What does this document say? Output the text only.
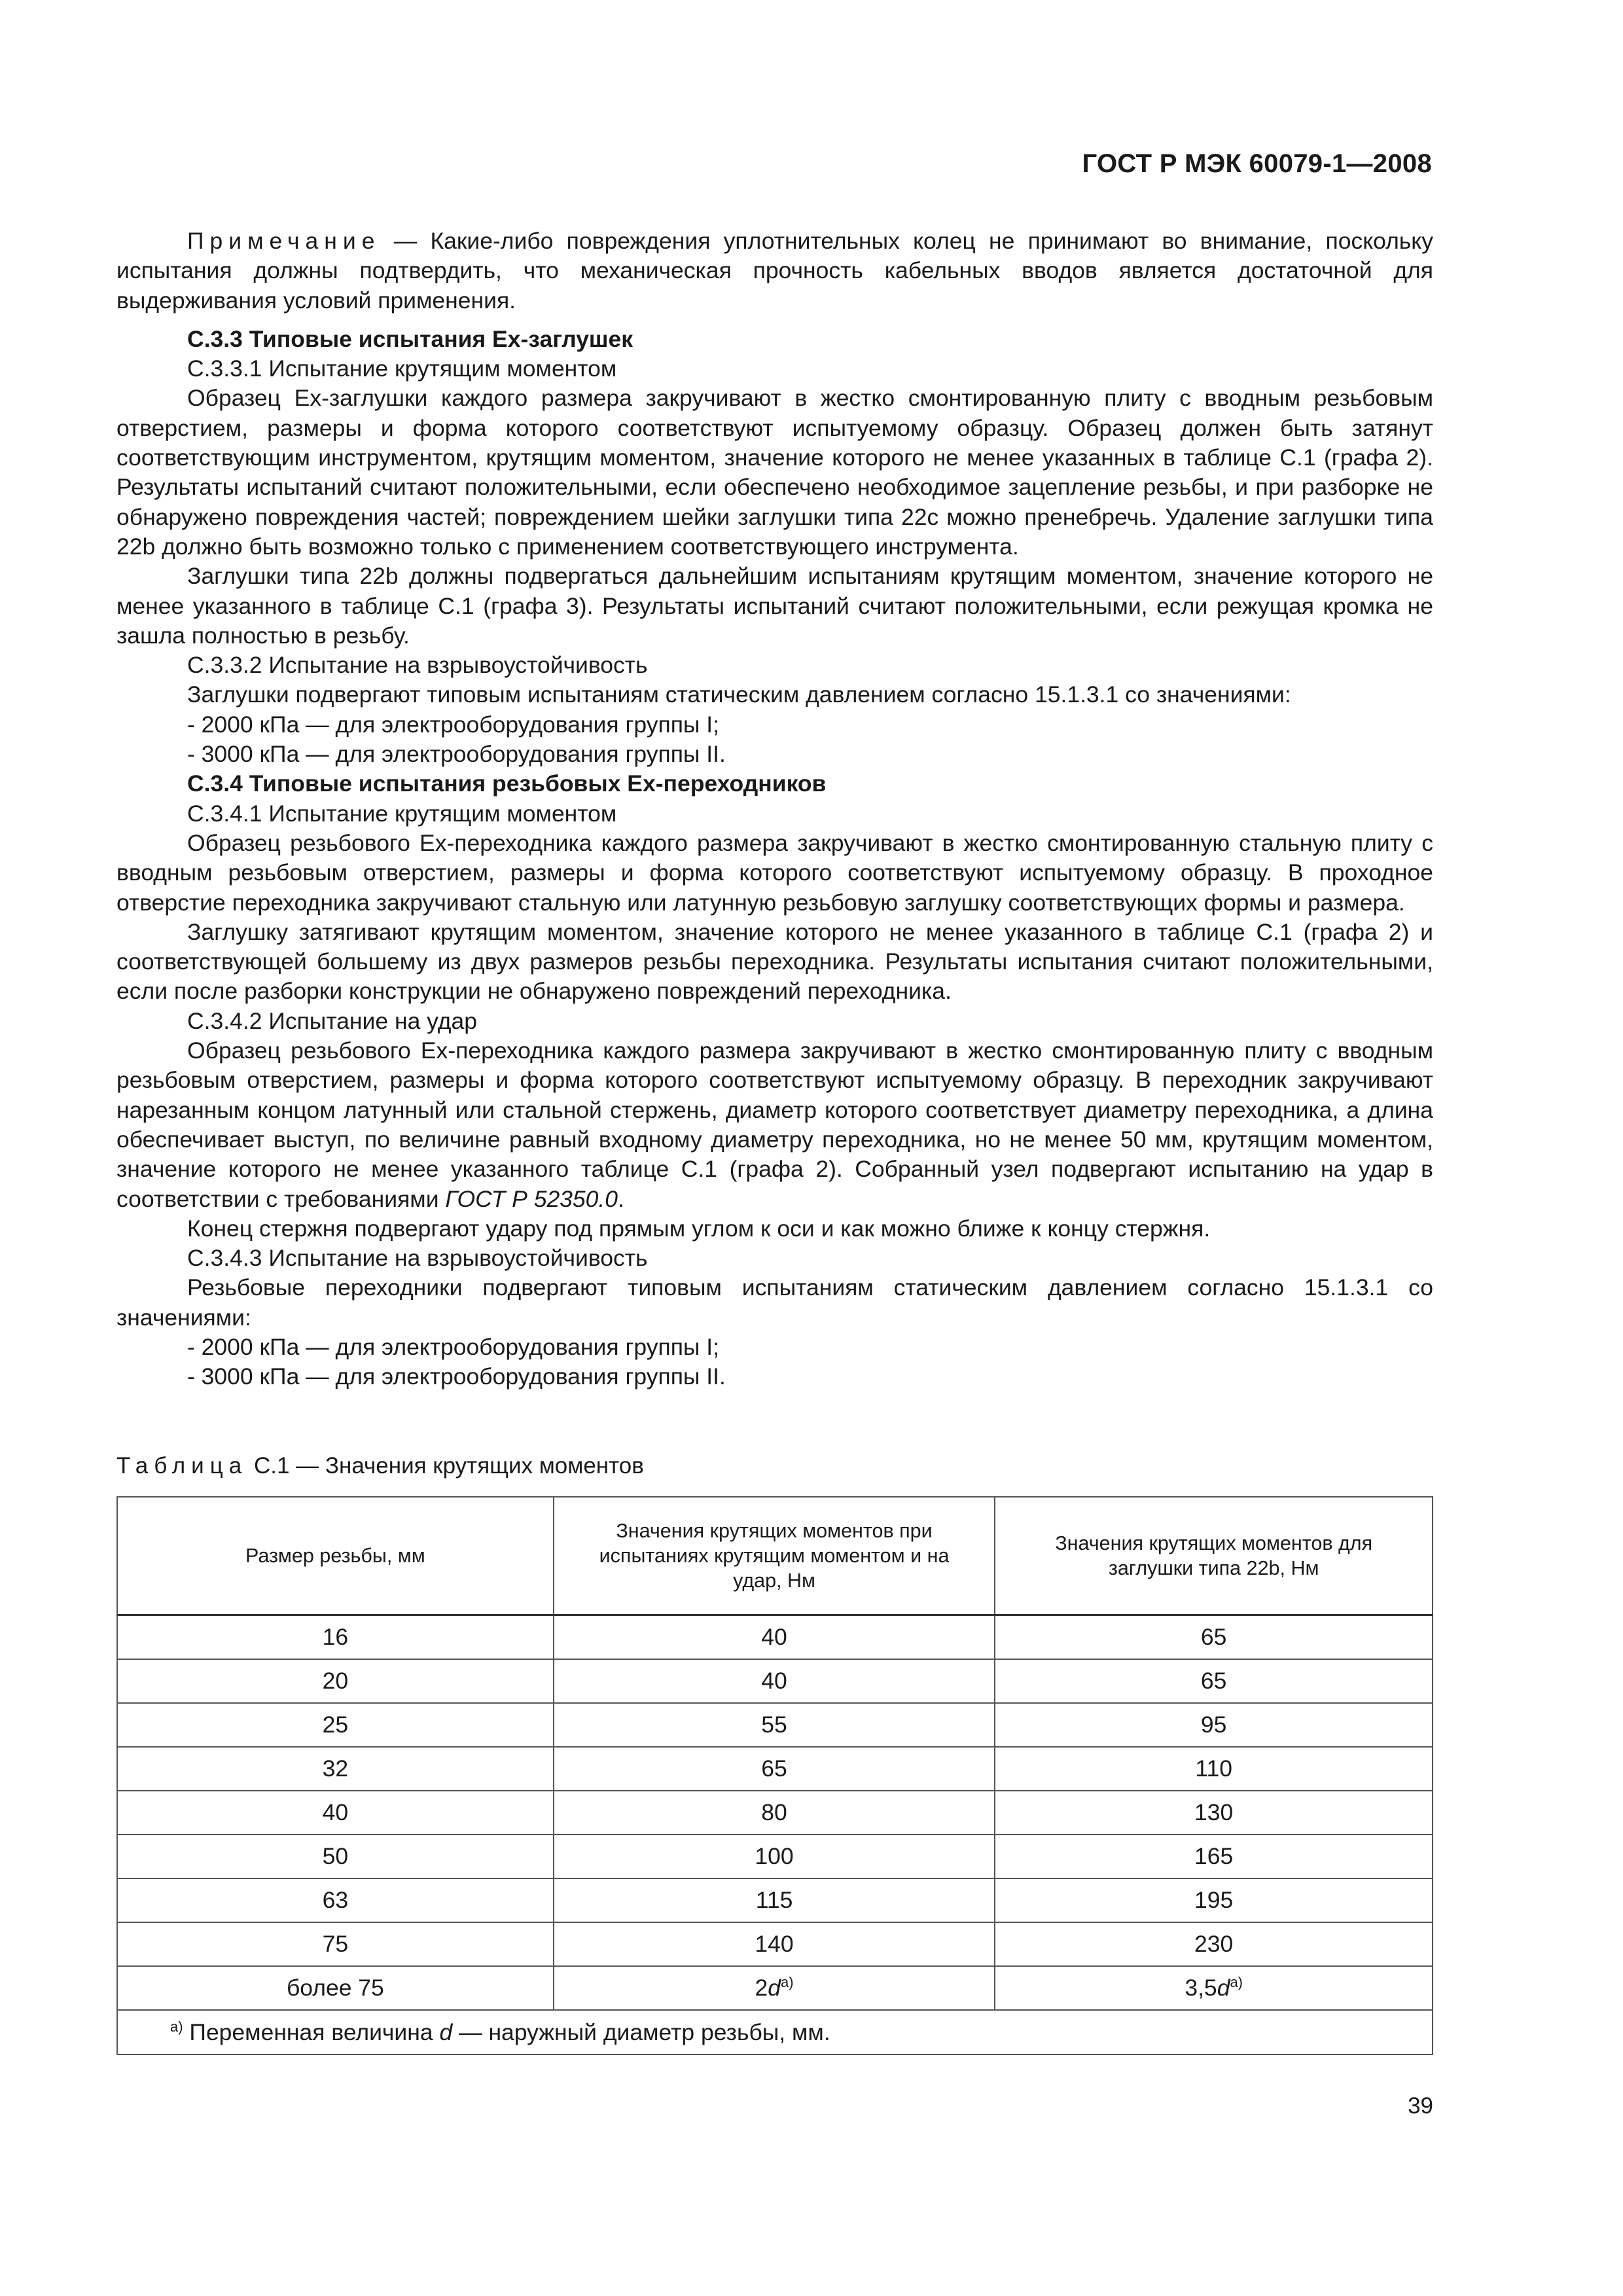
ГОСТ Р МЭК 60079-1—2008

Примечание — Какие-либо повреждения уплотнительных колец не принимают во внимание, поскольку испытания должны подтвердить, что механическая прочность кабельных вводов является достаточной для выдерживания условий применения.

С.3.3 Типовые испытания Ех-заглушек

С.3.3.1 Испытание крутящим моментом

Образец Ех-заглушки каждого размера закручивают в жестко смонтированную плиту с вводным резьбовым отверстием, размеры и форма которого соответствуют испытуемому образцу. Образец должен быть затянут соответствующим инструментом, крутящим моментом, значение которого не менее указанных в таблице С.1 (графа 2). Результаты испытаний считают положительными, если обеспечено необходимое зацепление резьбы, и при разборке не обнаружено повреждения частей; повреждением шейки заглушки типа 22с можно пренебречь. Удаление заглушки типа 22b должно быть возможно только с применением соответствующего инструмента.

Заглушки типа 22b должны подвергаться дальнейшим испытаниям крутящим моментом, значение которого не менее указанного в таблице С.1 (графа 3). Результаты испытаний считают положительными, если режущая кромка не зашла полностью в резьбу.

С.3.3.2 Испытание на взрывоустойчивость

Заглушки подвергают типовым испытаниям статическим давлением согласно 15.1.3.1 со значениями:

- 2000 кПа — для электрооборудования группы I;

- 3000 кПа — для электрооборудования группы II.

С.3.4 Типовые испытания резьбовых Ех-переходников

С.3.4.1 Испытание крутящим моментом

Образец резьбового Ех-переходника каждого размера закручивают в жестко смонтированную стальную плиту с вводным резьбовым отверстием, размеры и форма которого соответствуют испытуемому образцу. В проходное отверстие переходника закручивают стальную или латунную резьбовую заглушку соответствующих формы и размера.

Заглушку затягивают крутящим моментом, значение которого не менее указанного в таблице С.1 (графа 2) и соответствующей большему из двух размеров резьбы переходника. Результаты испытания считают положительными, если после разборки конструкции не обнаружено повреждений переходника.

С.3.4.2 Испытание на удар

Образец резьбового Ех-переходника каждого размера закручивают в жестко смонтированную плиту с вводным резьбовым отверстием, размеры и форма которого соответствуют испытуемому образцу. В переходник закручивают нарезанным концом латунный или стальной стержень, диаметр которого соответствует диаметру переходника, а длина обеспечивает выступ, по величине равный входному диаметру переходника, но не менее 50 мм, крутящим моментом, значение которого не менее указанного таблице С.1 (графа 2). Собранный узел подвергают испытанию на удар в соответствии с требованиями ГОСТ Р 52350.0.

Конец стержня подвергают удару под прямым углом к оси и как можно ближе к концу стержня.

С.3.4.3 Испытание на взрывоустойчивость

Резьбовые переходники подвергают типовым испытаниям статическим давлением согласно 15.1.3.1 со значениями:

- 2000 кПа — для электрооборудования группы I;

- 3000 кПа — для электрооборудования группы II.

Таблица С.1 — Значения крутящих моментов
Размер резьбы, мм	Значения крутящих моментов при испытаниях крутящим моментом и на удар, Нм	Значения крутящих моментов для заглушки типа 22b, Нм
16	40	65
20	40	65
25	55	95
32	65	110
40	80	130
50	100	165
63	115	195
75	140	230
более 75	$2d^{а)}$	$3,5d^{а)}$
$^{а)}$ Переменная величина d — наружный диаметр резьбы, мм.		
39
